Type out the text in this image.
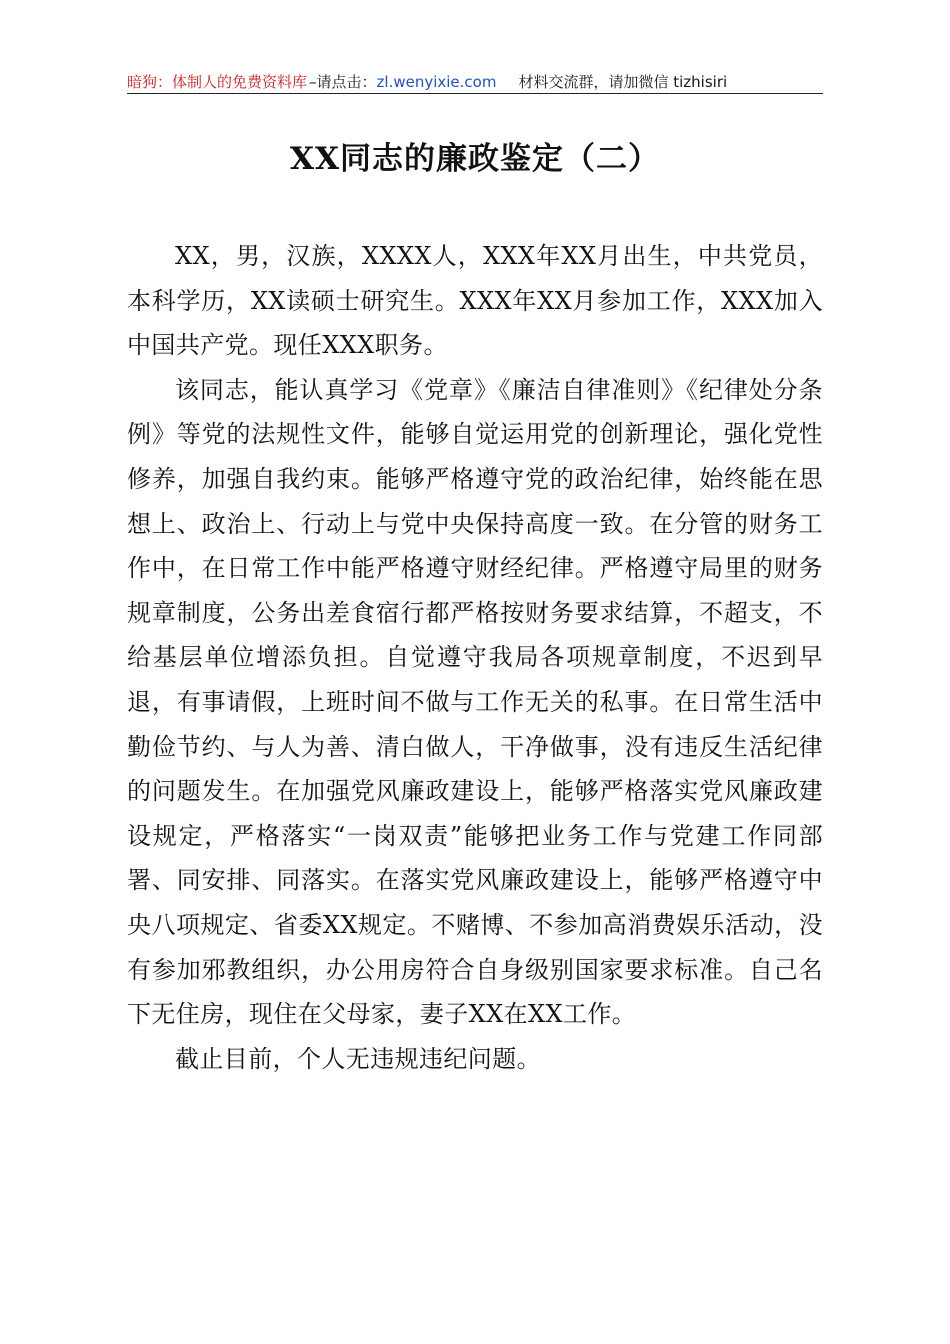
暗狗：体制人的免费资料库 –请点击： zl.wenyixie.com 材料交流群，请加微信 tizhisiri
XX同志的廉政鉴定（二）

XX，男，汉族，XXXX人，XXX年XX月出生，中共党员，本科学历，XX读硕士研究生。XXX年XX月参加工作，XXX加入中国共产党。现任XXX职务。

该同志，能认真学习《党章》《廉洁自律准则》《纪律处分条例》等党的法规性文件，能够自觉运用党的创新理论，强化党性修养，加强自我约束。能够严格遵守党的政治纪律，始终能在思想上、政治上、行动上与党中央保持高度一致。在分管的财务工作中，在日常工作中能严格遵守财经纪律。严格遵守局里的财务规章制度，公务出差食宿行都严格按财务要求结算，不超支，不给基层单位增添负担。自觉遵守我局各项规章制度，不迟到早退，有事请假，上班时间不做与工作无关的私事。在日常生活中勤俭节约、与人为善、清白做人，干净做事，没有违反生活纪律的问题发生。在加强党风廉政建设上，能够严格落实党风廉政建设规定，严格落实“一岗双责”能够把业务工作与党建工作同部署、同安排、同落实。在落实党风廉政建设上，能够严格遵守中央八项规定、省委XX规定。不赌博、不参加高消费娱乐活动，没有参加邪教组织，办公用房符合自身级别国家要求标准。自己名下无住房，现住在父母家，妻子XX在XX工作。

截止目前，个人无违规违纪问题。
